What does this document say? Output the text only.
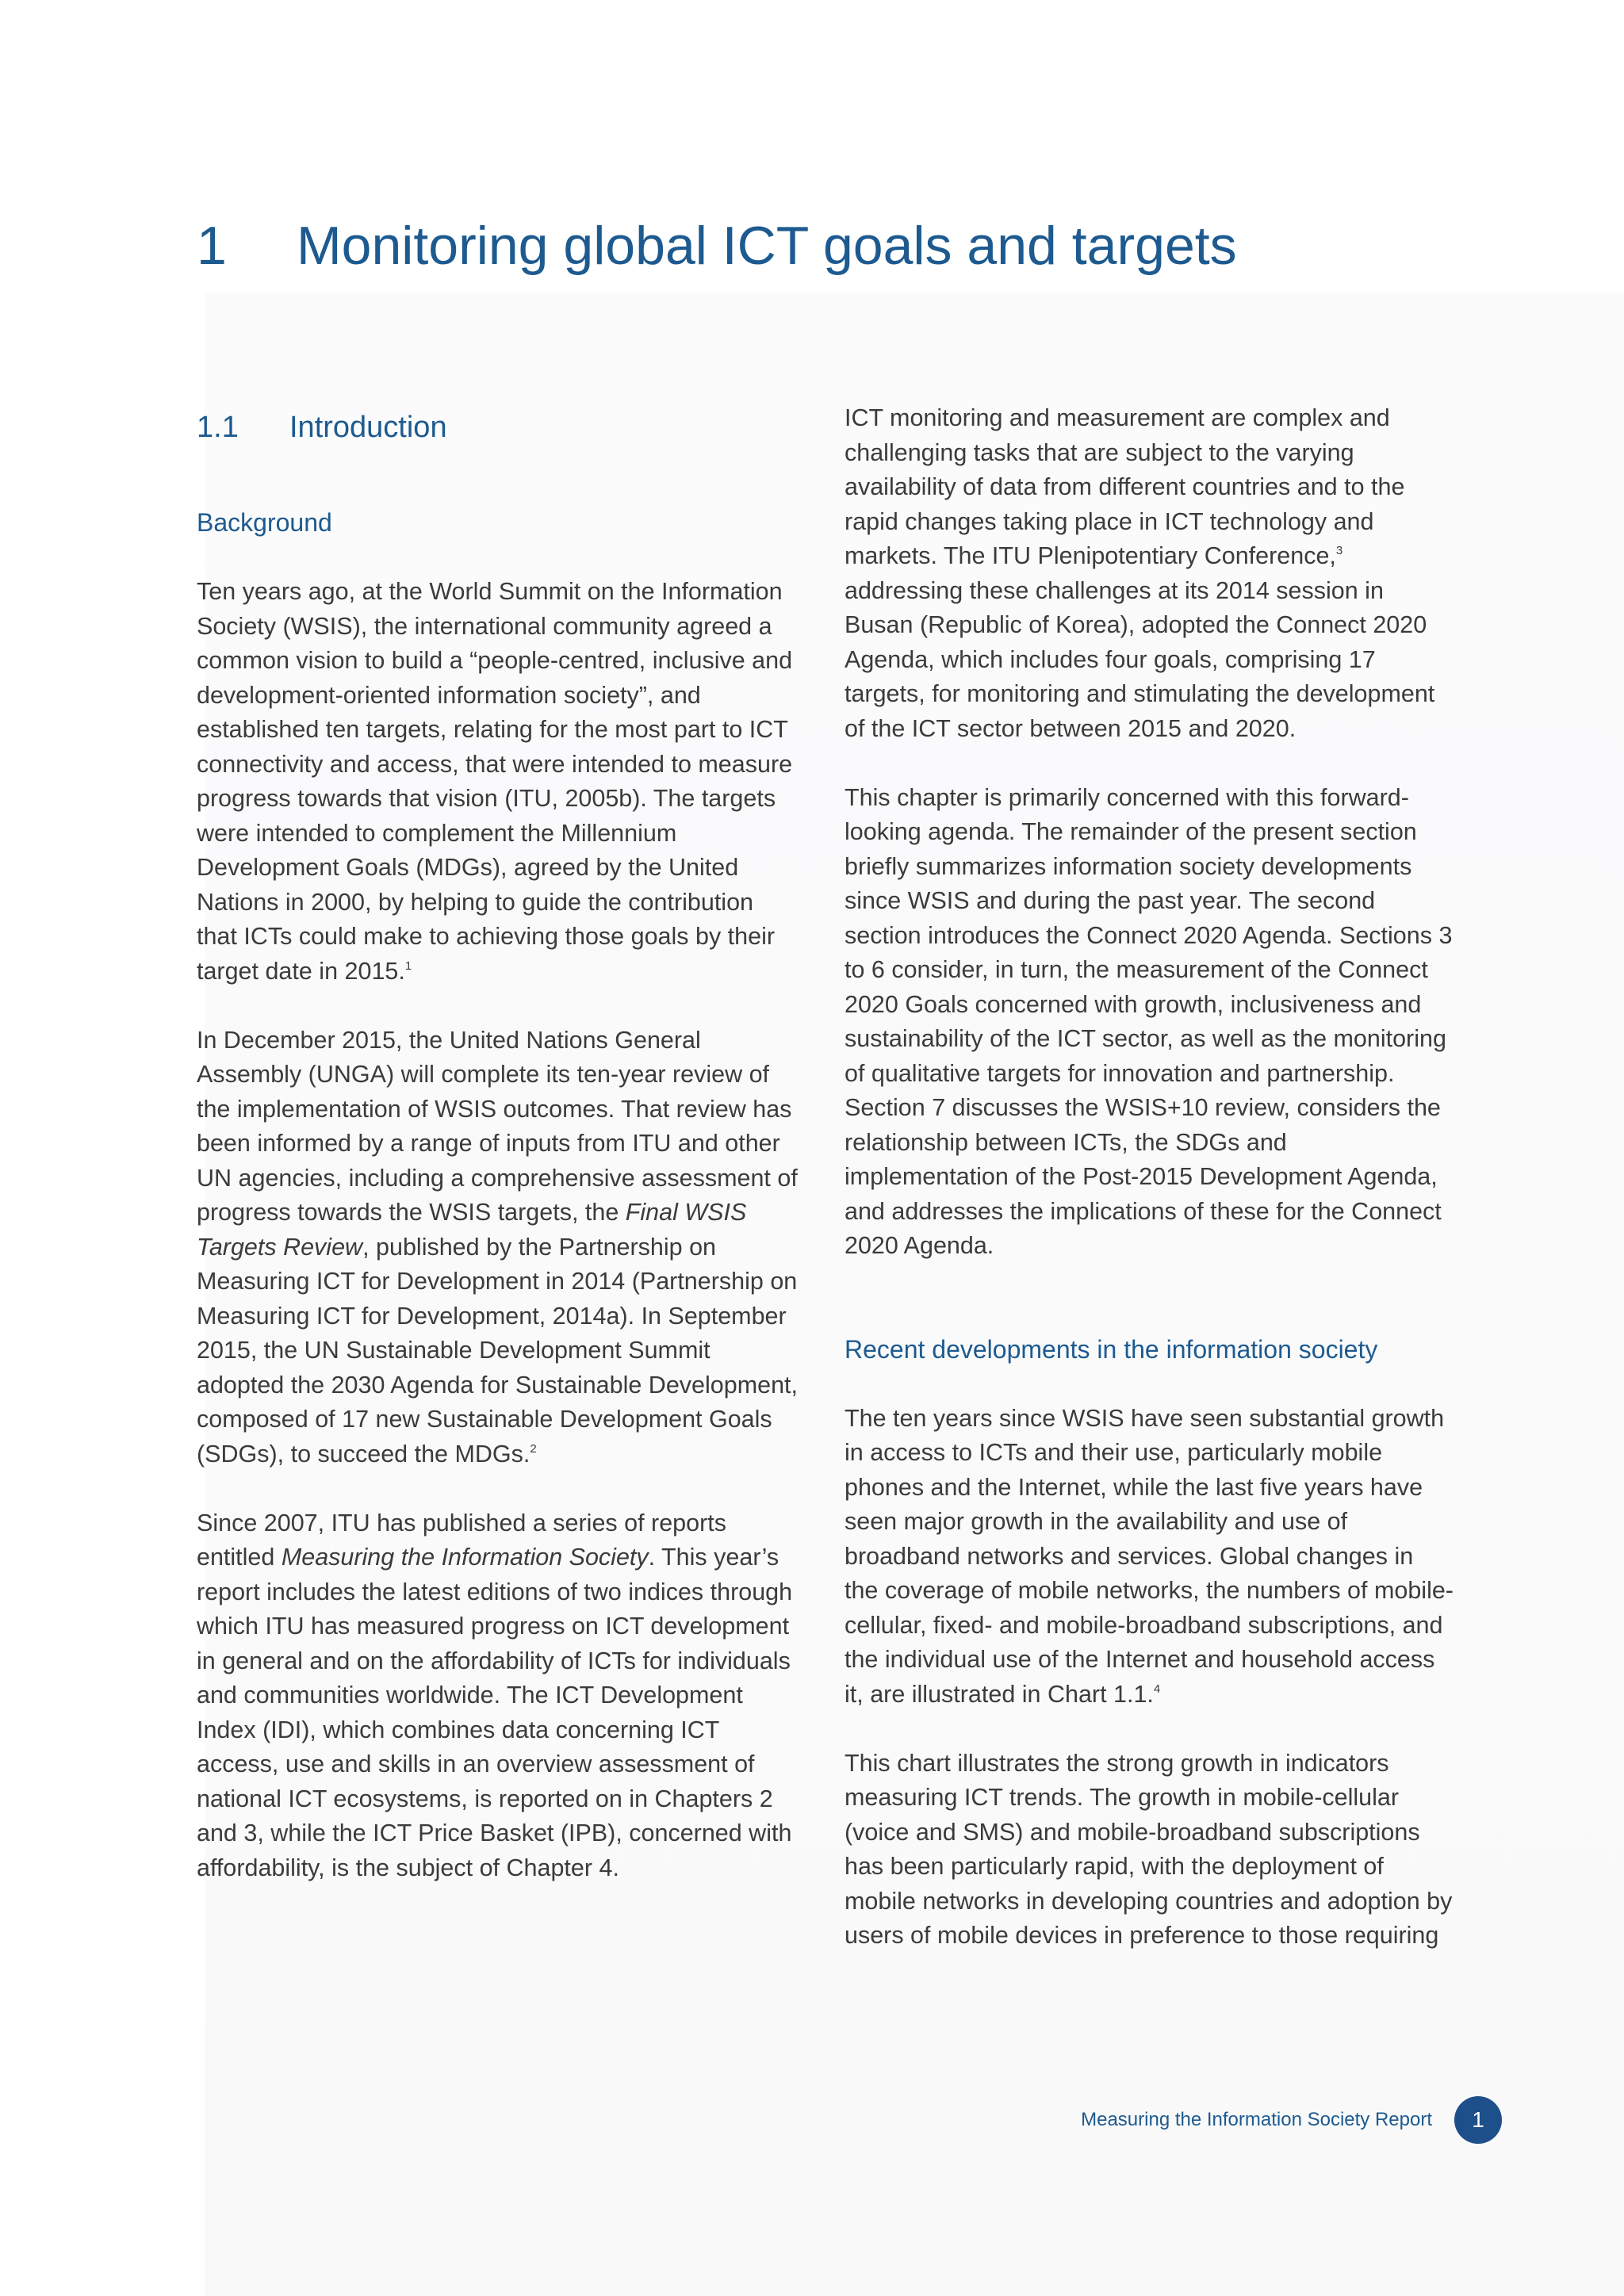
1 Monitoring global ICT goals and targets
1.1 Introduction
Background

Ten years ago, at the World Summit on the Information Society (WSIS), the international community agreed a common vision to build a “people-centred, inclusive and development-oriented information society”, and established ten targets, relating for the most part to ICT connectivity and access, that were intended to measure progress towards that vision (ITU, 2005b). The targets were intended to complement the Millennium Development Goals (MDGs), agreed by the United Nations in 2000, by helping to guide the contribution that ICTs could make to achieving those goals by their target date in 2015.$^1$

In December 2015, the United Nations General Assembly (UNGA) will complete its ten-year review of the implementation of WSIS outcomes. That review has been informed by a range of inputs from ITU and other UN agencies, including a comprehensive assessment of progress towards the WSIS targets, the Final WSIS Targets Review, published by the Partnership on Measuring ICT for Development in 2014 (Partnership on Measuring ICT for Development, 2014a). In September 2015, the UN Sustainable Development Summit adopted the 2030 Agenda for Sustainable Development, composed of 17 new Sustainable Development Goals (SDGs), to succeed the MDGs.$^2$

Since 2007, ITU has published a series of reports entitled Measuring the Information Society. This year’s report includes the latest editions of two indices through which ITU has measured progress on ICT development in general and on the affordability of ICTs for individuals and communities worldwide. The ICT Development Index (IDI), which combines data concerning ICT access, use and skills in an overview assessment of national ICT ecosystems, is reported on in Chapters 2 and 3, while the ICT Price Basket (IPB), concerned with affordability, is the subject of Chapter 4.

ICT monitoring and measurement are complex and challenging tasks that are subject to the varying availability of data from different countries and to the rapid changes taking place in ICT technology and markets. The ITU Plenipotentiary Conference,$^3$ addressing these challenges at its 2014 session in Busan (Republic of Korea), adopted the Connect 2020 Agenda, which includes four goals, comprising 17 targets, for monitoring and stimulating the development of the ICT sector between 2015 and 2020.

This chapter is primarily concerned with this forward-looking agenda. The remainder of the present section briefly summarizes information society developments since WSIS and during the past year. The second section introduces the Connect 2020 Agenda. Sections 3 to 6 consider, in turn, the measurement of the Connect 2020 Goals concerned with growth, inclusiveness and sustainability of the ICT sector, as well as the monitoring of qualitative targets for innovation and partnership. Section 7 discusses the WSIS+10 review, considers the relationship between ICTs, the SDGs and implementation of the Post-2015 Development Agenda, and addresses the implications of these for the Connect 2020 Agenda.

Recent developments in the information society

The ten years since WSIS have seen substantial growth in access to ICTs and their use, particularly mobile phones and the Internet, while the last five years have seen major growth in the availability and use of broadband networks and services. Global changes in the coverage of mobile networks, the numbers of mobile-cellular, fixed- and mobile-broadband subscriptions, and the individual use of the Internet and household access it, are illustrated in Chart 1.1.$^4$

This chart illustrates the strong growth in indicators measuring ICT trends. The growth in mobile-cellular (voice and SMS) and mobile-broadband subscriptions has been particularly rapid, with the deployment of mobile networks in developing countries and adoption by users of mobile devices in preference to those requiring

Measuring the Information Society Report	1
